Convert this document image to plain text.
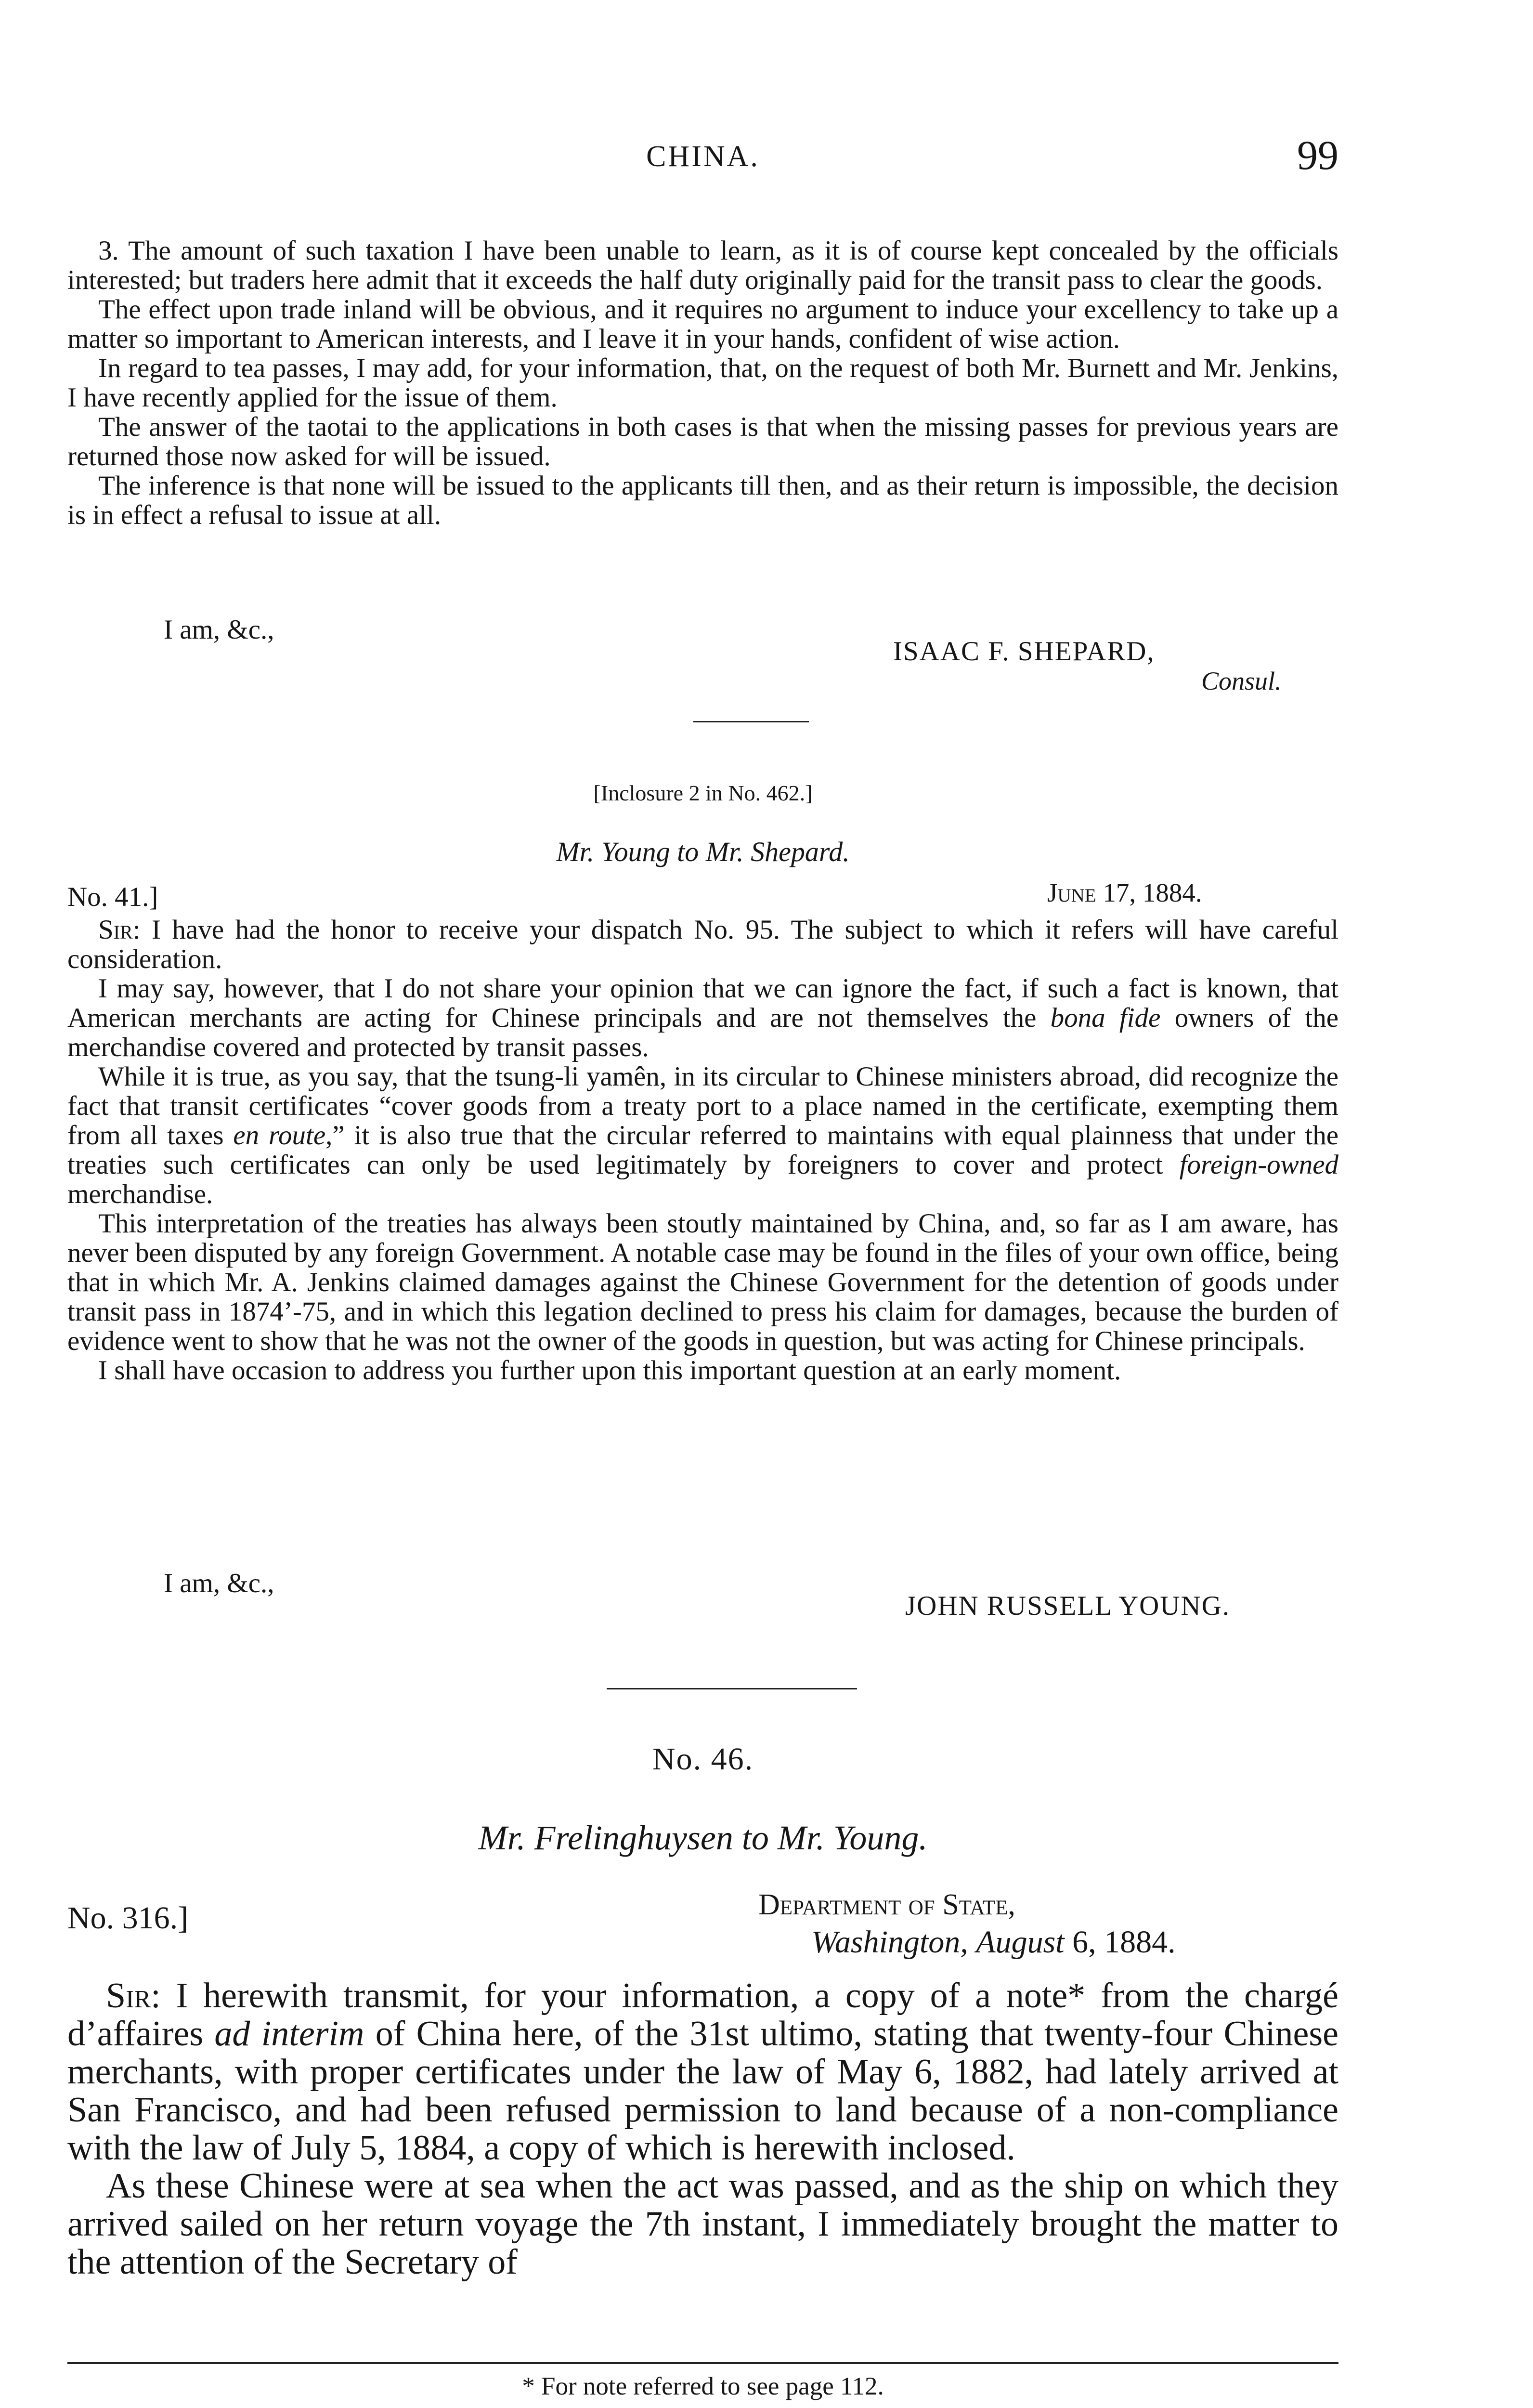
CHINA.	99

3. The amount of such taxation I have been unable to learn, as it is of course kept concealed by the officials interested; but traders here admit that it exceeds the half duty originally paid for the transit pass to clear the goods.

The effect upon trade inland will be obvious, and it requires no argument to induce your excellency to take up a matter so important to American interests, and I leave it in your hands, confident of wise action.

In regard to tea passes, I may add, for your information, that, on the request of both Mr. Burnett and Mr. Jenkins, I have recently applied for the issue of them.

The answer of the taotai to the applications in both cases is that when the missing passes for previous years are returned those now asked for will be issued.

The inference is that none will be issued to the applicants till then, and as their return is impossible, the decision is in effect a refusal to issue at all.

I am, &c.,
ISAAC F. SHEPARD,
Consul.
[Inclosure 2 in No. 462.]
Mr. Young to Mr. Shepard.
No. 41.]	June 17, 1884.

Sir: I have had the honor to receive your dispatch No. 95. The subject to which it refers will have careful consideration.

I may say, however, that I do not share your opinion that we can ignore the fact, if such a fact is known, that American merchants are acting for Chinese principals and are not themselves the bona fide owners of the merchandise covered and protected by transit passes.

While it is true, as you say, that the tsung-li yamên, in its circular to Chinese ministers abroad, did recognize the fact that transit certificates “cover goods from a treaty port to a place named in the certificate, exempting them from all taxes en route,” it is also true that the circular referred to maintains with equal plainness that under the treaties such certificates can only be used legitimately by foreigners to cover and protect foreign-owned merchandise.

This interpretation of the treaties has always been stoutly maintained by China, and, so far as I am aware, has never been disputed by any foreign Government. A notable case may be found in the files of your own office, being that in which Mr. A. Jenkins claimed damages against the Chinese Government for the detention of goods under transit pass in 1874’-75, and in which this legation declined to press his claim for damages, because the burden of evidence went to show that he was not the owner of the goods in question, but was acting for Chinese principals.

I shall have occasion to address you further upon this important question at an early moment.

I am, &c.,
JOHN RUSSELL YOUNG.
No. 46.
Mr. Frelinghuysen to Mr. Young.
No. 316.]	Department of State,
Washington, August 6, 1884.

Sir: I herewith transmit, for your information, a copy of a note* from the chargé d’affaires ad interim of China here, of the 31st ultimo, stating that twenty-four Chinese merchants, with proper certificates under the law of May 6, 1882, had lately arrived at San Francisco, and had been refused permission to land because of a non-compliance with the law of July 5, 1884, a copy of which is herewith inclosed.

As these Chinese were at sea when the act was passed, and as the ship on which they arrived sailed on her return voyage the 7th instant, I immediately brought the matter to the attention of the Secretary of

* For note referred to see page 112.
